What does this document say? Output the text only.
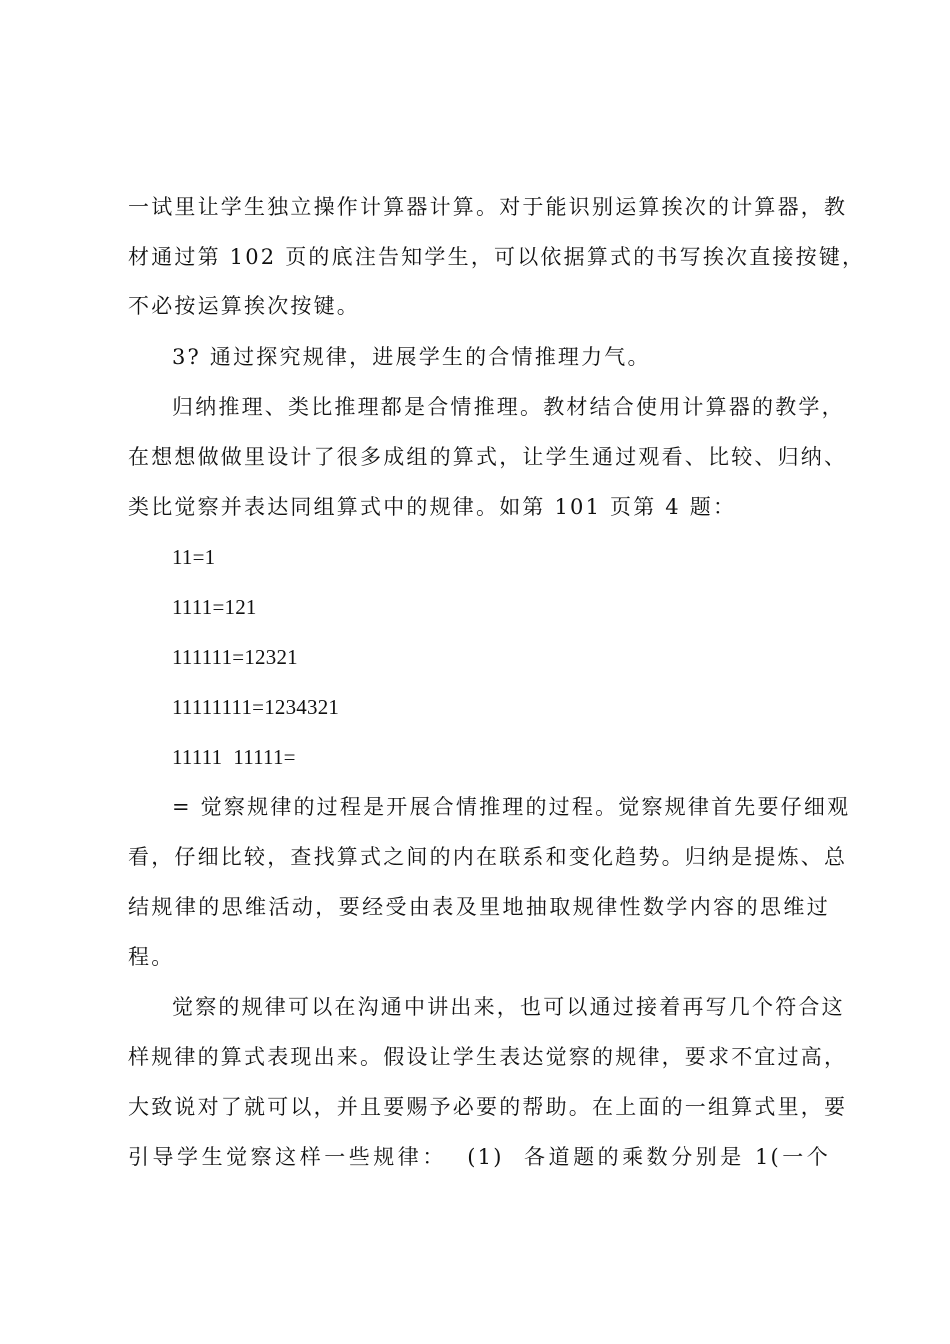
一试里让学生独立操作计算器计算。对于能识别运算挨次的计算器，教
材通过第 102 页的底注告知学生，可以依据算式的书写挨次直接按键，
不必按运算挨次按键。
3? 通过探究规律，进展学生的合情推理力气。
归纳推理、类比推理都是合情推理。教材结合使用计算器的教学，
在想想做做里设计了很多成组的算式，让学生通过观看、比较、归纳、
类比觉察并表达同组算式中的规律。如第 101 页第 4 题：
11=1
1111=121
111111=12321
11111111=1234321
11111  11111=
= 觉察规律的过程是开展合情推理的过程。觉察规律首先要仔细观
看，仔细比较，查找算式之间的内在联系和变化趋势。归纳是提炼、总
结规律的思维活动，要经受由表及里地抽取规律性数学内容的思维过
程。
觉察的规律可以在沟通中讲出来，也可以通过接着再写几个符合这
样规律的算式表现出来。假设让学生表达觉察的规律，要求不宜过高，
大致说对了就可以，并且要赐予必要的帮助。在上面的一组算式里，要
引导学生觉察这样一些规律：  (1)  各道题的乘数分别是 1(一个
